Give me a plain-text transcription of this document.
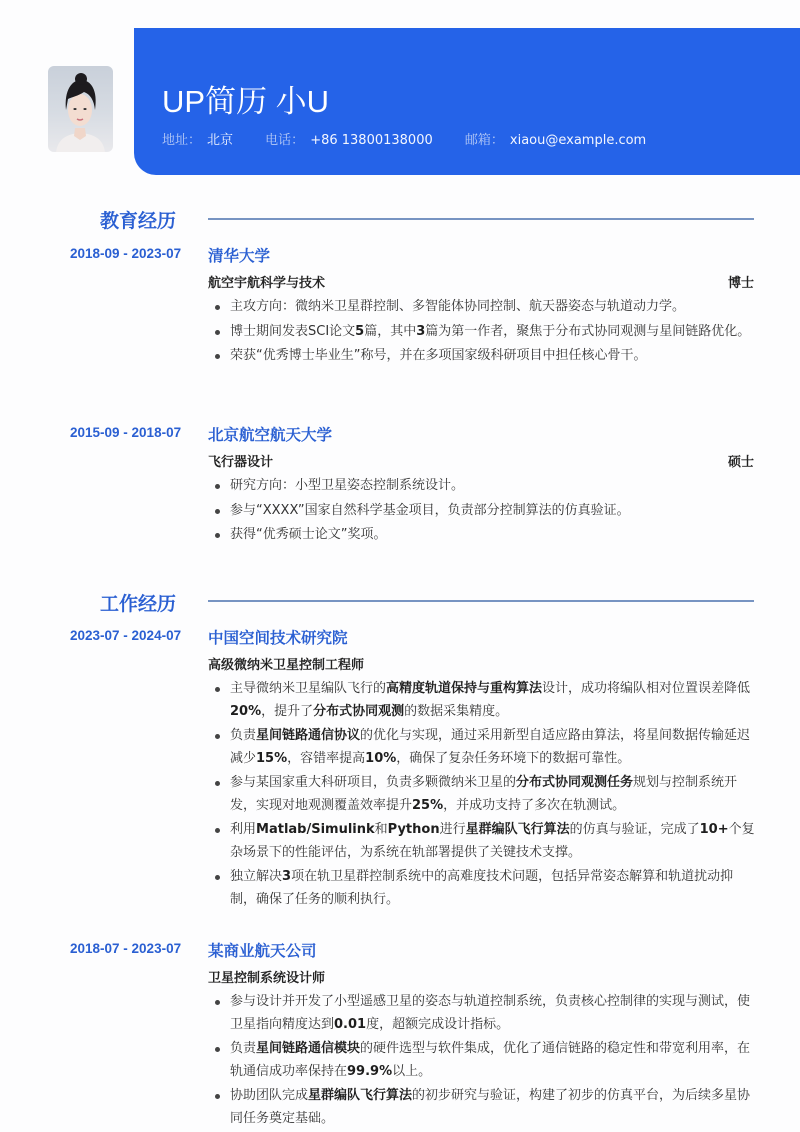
UP简历 小U
地址： 北京 电话： +86 13800138000 邮箱： xiaou@example.com
教育经历
2018-09 - 2023-07 清华大学
航空宇航科学与技术	博士
主攻方向：微纳米卫星群控制、多智能体协同控制、航天器姿态与轨道动力学。
博士期间发表SCI论文5篇，其中3篇为第一作者，聚焦于分布式协同观测与星间链路优化。
荣获“优秀博士毕业生”称号，并在多项国家级科研项目中担任核心骨干。
2015-09 - 2018-07 北京航空航天大学
飞行器设计	硕士
研究方向：小型卫星姿态控制系统设计。
参与“XXXX”国家自然科学基金项目，负责部分控制算法的仿真验证。
获得“优秀硕士论文”奖项。
工作经历
2023-07 - 2024-07 中国空间技术研究院
高级微纳米卫星控制工程师
主导微纳米卫星编队飞行的高精度轨道保持与重构算法设计，成功将编队相对位置误差降低20%，提升了分布式协同观测的数据采集精度。
负责星间链路通信协议的优化与实现，通过采用新型自适应路由算法，将星间数据传输延迟减少15%，容错率提高10%，确保了复杂任务环境下的数据可靠性。
参与某国家重大科研项目，负责多颗微纳米卫星的分布式协同观测任务规划与控制系统开发，实现对地观测覆盖效率提升25%，并成功支持了多次在轨测试。
利用Matlab/Simulink和Python进行星群编队飞行算法的仿真与验证，完成了10+个复杂场景下的性能评估，为系统在轨部署提供了关键技术支撑。
独立解决3项在轨卫星群控制系统中的高难度技术问题，包括异常姿态解算和轨道扰动抑制，确保了任务的顺利执行。
2018-07 - 2023-07 某商业航天公司
卫星控制系统设计师
参与设计并开发了小型遥感卫星的姿态与轨道控制系统，负责核心控制律的实现与测试，使卫星指向精度达到0.01度，超额完成设计指标。
负责星间链路通信模块的硬件选型与软件集成，优化了通信链路的稳定性和带宽利用率，在轨通信成功率保持在99.9%以上。
协助团队完成星群编队飞行算法的初步研究与验证，构建了初步的仿真平台，为后续多星协同任务奠定基础。
